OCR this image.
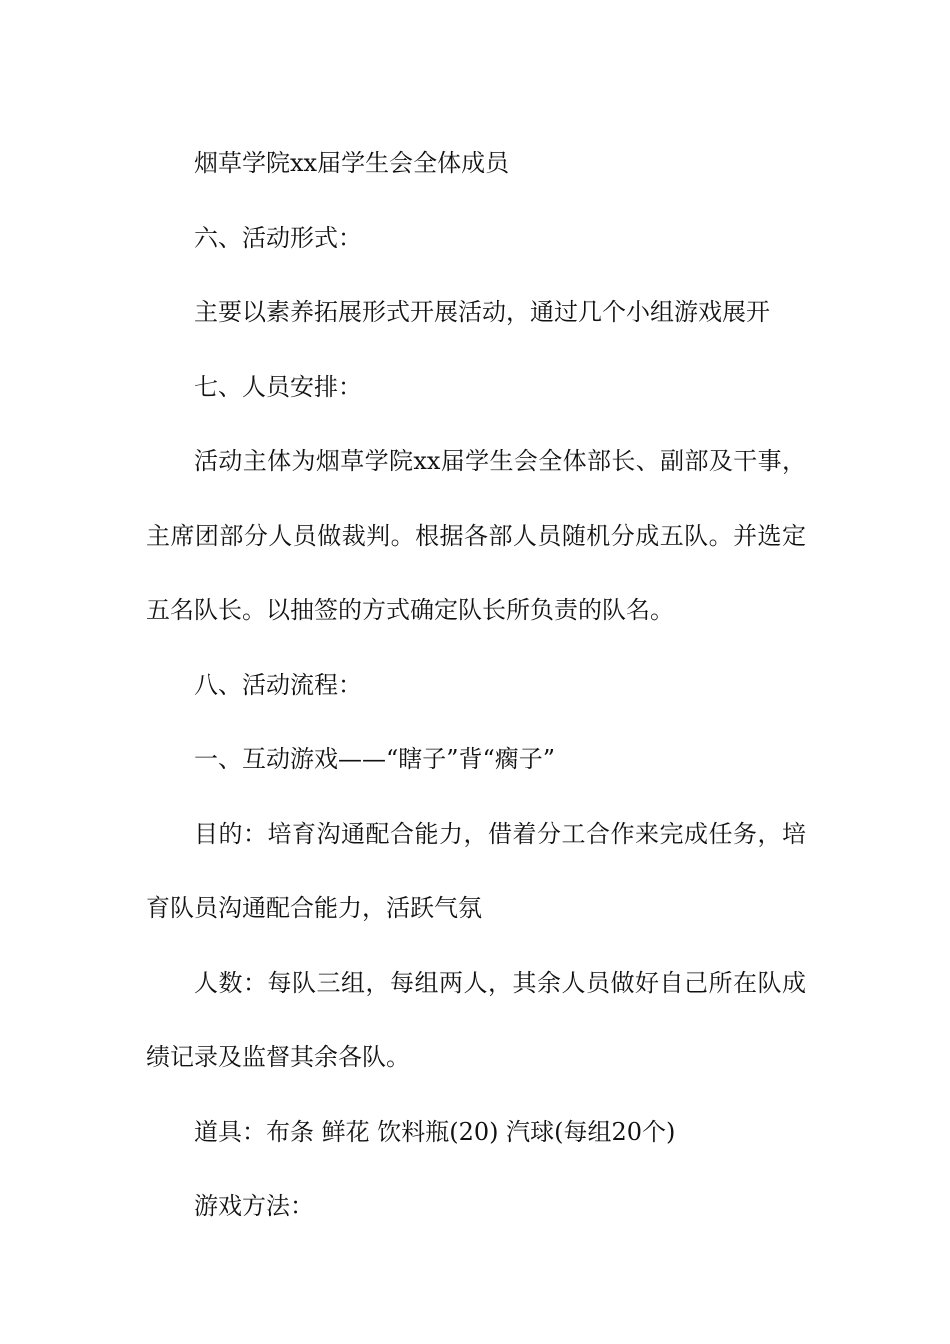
烟草学院xx届学生会全体成员

六、活动形式：

主要以素养拓展形式开展活动，通过几个小组游戏展开

七、人员安排：

活动主体为烟草学院xx届学生会全体部长、副部及干事，主席团部分人员做裁判。根据各部人员随机分成五队。并选定五名队长。以抽签的方式确定队长所负责的队名。

八、活动流程：

一、互动游戏——“瞎子”背“瘸子”

目的：培育沟通配合能力，借着分工合作来完成任务，培育队员沟通配合能力，活跃气氛

人数：每队三组，每组两人，其余人员做好自己所在队成绩记录及监督其余各队。

道具：布条 鲜花 饮料瓶(20) 汽球(每组20个)

游戏方法：
